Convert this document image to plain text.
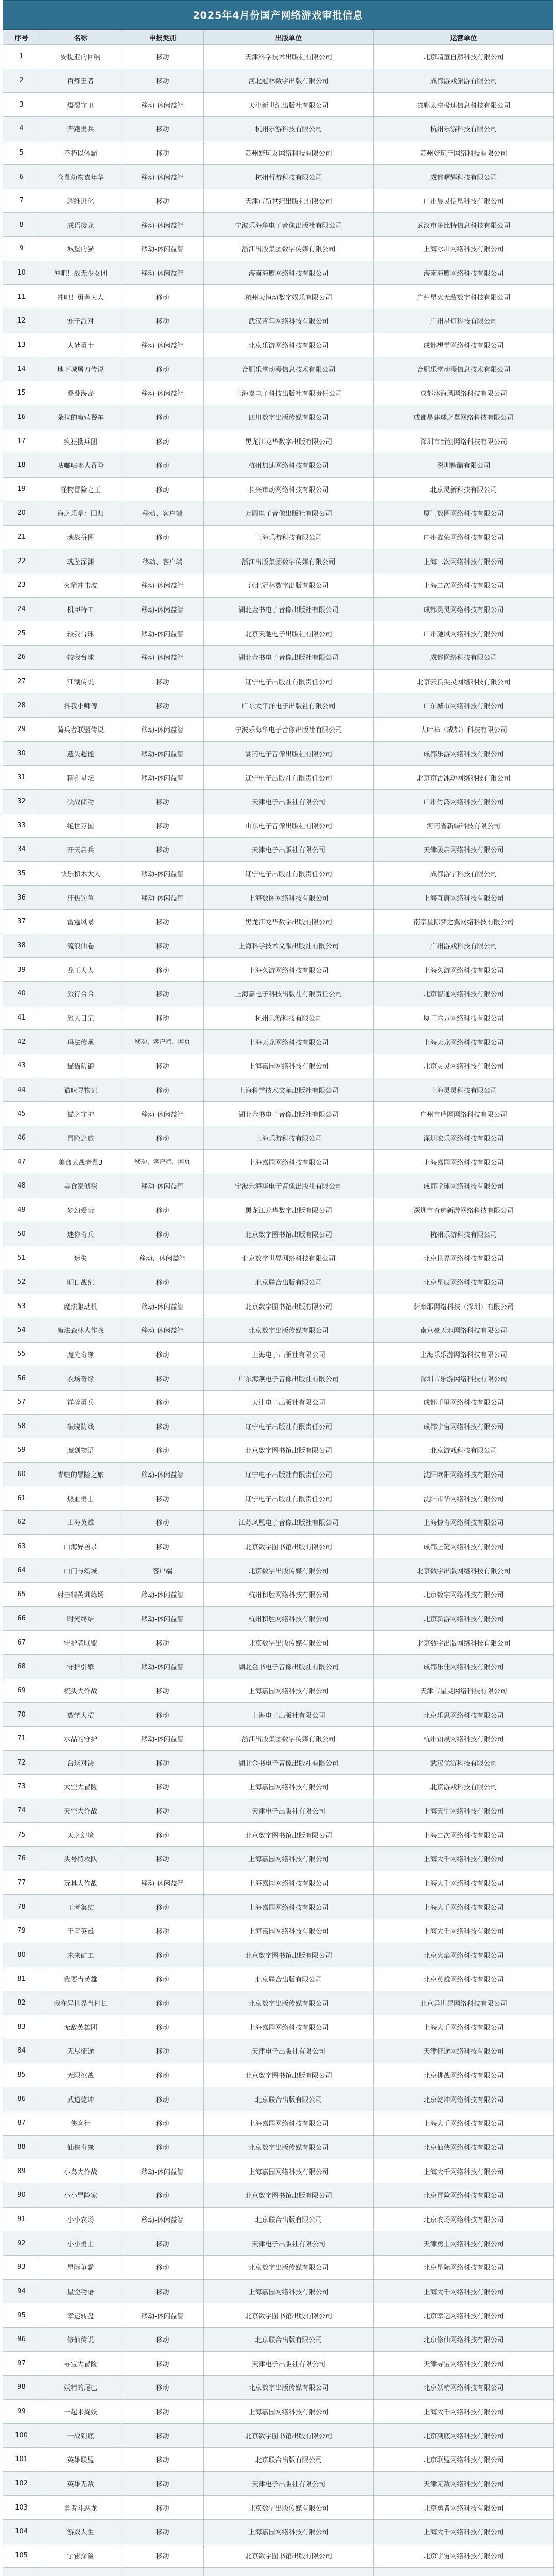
2025年4月份国产网络游戏审批信息
序号	名称	申报类别	出版单位	运营单位
1	安提亚的回响	移动	天津科学技术出版社有限公司	北京靖童自然科技有限公司
2	百炼王者	移动	河北冠林数字出版有限公司	成都游戏旅游有限公司
3	爆裂守卫	移动-休闲益智	天津新世纪出版社有限公司	邯郸太空极速信息科技有限公司
4	奔跑勇兵	移动	杭州乐游科技有限公司	杭州乐游科技有限公司
5	不朽以体霸	移动	苏州好玩友网络科技有限公司	苏州好玩王网络科技有限公司
6	仓鼠幼物嘉年华	移动-休闲益智	杭州哲游科技有限公司	成都曙辉科技有限公司
7	超维进化	移动	天津市新世纪出版社有限公司	广州晨灵信息科技有限公司
8	成语接龙	移动-休闲益智	宁波乐海华电子音像出版社有限公司	武汉市多比特信息科技有限公司
9	城堡的猫	移动-休闲益智	浙江出版集团数字传媒有限公司	上海冰川网络科技有限公司
10	冲吧！战无少女团	移动-休闲益智	海南海鹰网络科技有限公司	海南海鹰网络科技有限公司
11	冲吧！勇者大人	移动	杭州天恒动数字娱乐有限公司	广州星火无敌数字科技有限公司
12	宠子派对	移动	武汉青年网络科技有限公司	广州星灯科技有限公司
13	大梦勇士	移动-休闲益智	北京乐游网络科技有限公司	成都想学网络科技有限公司
14	地下城屠刀传说	移动	合肥乐堂动漫信息技术有限公司	合肥乐堂动漫信息技术有限公司
15	叠叠海岛	移动-休闲益智	上海嘉电子科技出版社有限责任公司	成都沐海风网络科技有限公司
16	朵拉的魔营餐车	移动	四川数字出版传媒有限公司	成都易建球之翼网络科技有限公司
17	疯狂携兵团	移动	黑龙江龙华数字出版有限公司	深圳市新创网络科技有限公司
18	咕嘟咕嘟大冒险	移动	杭州加速网络科技有限公司	深圳糖醋有限公司
19	怪物冒险之王	移动	长兴市动网络科技有限公司	北京灵新科技有限公司
20	海之乐章：回归	移动、客户端	万圆电子音像出版社有限公司	厦门数图网络科技有限公司
21	魂战拼图	移动	上海乐游科技有限公司	广州鑫荣网络科技有限公司
22	魂坠深渊	移动、客户端	浙江出版集团数字传媒有限公司	上海二次网络科技有限公司
23	火箭冲击波	移动-休闲益智	河北冠林数字出版有限公司	上海二次网络科技有限公司
24	机甲特工	移动-休闲益智	湖北金书电子音像出版社有限公司	成都灵灵网络科技有限公司
25	较我台球	移动-休闲益智	北京天驰电子出版社有限公司	广州驰风网络科技有限公司
26	较我台球	移动-休闲益智	湖北金书电子音像出版社有限公司	成都网络科技有限公司
27	江湖传说	移动	辽宁电子出版社有限责任公司	北京云良尖灵网络科技有限公司
28	抖我小师傅	移动	广东太平洋电子出版社有限公司	广东城市网络科技有限公司
29	骑兵者联盟传说	移动-休闲益智	宁波乐海华电子音像出版社有限公司	大叶樟（成都）科技有限公司
30	遗失超能	移动-休闲益智	湖南电子音像出版社有限公司	成都乐游网络科技有限公司
31	精孔星坛	移动-休闲益智	辽宁电子出版社有限责任公司	北京京古冰动网络科技有限公司
32	决战储物	移动	天津电子出版社有限公司	广州竹鸿网络科技有限公司
33	绝世万国	移动	山东电子音像出版社有限公司	河南省新蝶科技有限公司
34	开天启兵	移动	天津电子出版社有限公司	天津骏启网络科技有限公司
35	快乐积木大人	移动-休闲益智	辽宁电子出版社有限责任公司	成都游宇科技有限公司
36	狂热钓鱼	移动-休闲益智	上海数图网络科技有限公司	上海互唐网络科技有限公司
37	雷霆风暴	移动	黑龙江龙华数字出版有限公司	南京星际梦之翼网络科技有限公司
38	流浪仙卷	移动	上海科学技术文献出版社有限公司	广州游戏科技有限公司
39	龙王大人	移动	上海久游网络科技有限公司	上海久游网络科技有限公司
40	旅行合合	移动	上海嘉电子科技出版社有限责任公司	北京智通网络科技有限公司
41	旅人日记	移动	杭州乐游科技有限公司	厦门六方网络科技有限公司
42	玛法传承	移动、客户端、网页	上海天龙网络科技有限公司	上海天龙网络科技有限公司
43	猫猫防御	移动	上海嘉园网络科技有限公司	北京灵灵网络科技有限公司
44	猫咪寻物记	移动	上海科学技术文献出版社有限公司	上海灵灵科技有限公司
45	猫之守护	移动-休闲益智	湖北金书电子音像出版社有限公司	广州市瑞网网络科技有限公司
46	冒险之旅	移动	上海乐游科技有限公司	深圳宏乐网络科技有限公司
47	美食大战老鼠3	移动、客户端、网页	上海嘉园网络科技有限公司	上海嘉园网络科技有限公司
48	美食家侦探	移动-休闲益智	宁波乐海华电子音像出版社有限公司	成都学球网络科技有限公司
49	梦幻爱玩	移动	黑龙江龙华数字出版有限公司	深圳市奇迹新游网络科技有限公司
50	迷你奇兵	移动	北京数字图书馆出版有限公司	杭州乐游科技有限公司
51	迷失	移动、休闲益智	北京数字世界网络科技有限公司	北京世界网络科技有限公司
52	明日战纪	移动	北京联合出版有限公司	北京星辰网络科技有限公司
53	魔法驱动机	移动-休闲益智	北京数字图书馆出版有限公司	萨摩耶网络科技（深圳）有限公司
54	魔法森林大作战	移动-休闲益智	北京数字出版传媒有限公司	南京豪天地网络科技有限公司
55	魔光奇缘	移动	上海电子出版社有限公司	上海乐乐游网络科技有限公司
56	农场奇缘	移动	广东海燕电子音像出版社有限公司	深圳市乐游网络科技有限公司
57	祥碎勇兵	移动	天津电子出版社有限公司	成都千里网络科技有限公司
58	破晓防线	移动	辽宁电子出版社有限责任公司	成都宇宙网络科技有限公司
59	魔剑物语	移动	北京数字图书馆出版有限公司	北京游戏科技有限公司
60	青蛙的冒险之旅	移动-休闲益智	辽宁电子出版社有限责任公司	沈阳欧阳网络科技有限公司
61	热血勇士	移动	辽宁电子出版社有限责任公司	沈阳市华网络科技有限公司
62	山海英雄	移动	江苏凤凰电子音像出版社有限公司	上海惊奇网络科技有限公司
63	山海异兽录	移动	北京数字图书馆出版有限公司	成都上镜网络科技有限公司
64	山门与幻城	客户端	北京数字出版传媒有限公司	北京数字出版网络科技有限公司
65	射击精英训练场	移动-休闲益智	杭州积胜网络科技有限公司	北京数字网络科技有限公司
66	时光终结	移动-休闲益智	杭州积胜网络科技有限公司	北京新游网络科技有限公司
67	守护者联盟	移动	北京数字出版传媒有限公司	北京数字出版网络科技有限公司
68	守护引擎	移动-休闲益智	湖北金书电子音像出版社有限公司	成都乐佳网络科技有限公司
69	梳头大作战	移动	上海嘉园网络科技有限公司	天津市星灵网络科技有限公司
70	数学大招	移动	上海电子出版社有限公司	北京乐思网络科技有限公司
71	水晶的守护	移动-休闲益智	浙江出版集团数字传媒有限公司	杭州铂晟网络科技有限公司
72	台球对决	移动	湖北金书电子音像出版社有限公司	武汉优游科技有限公司
73	太空大冒险	移动	上海嘉园网络科技有限公司	北京游戏科技有限公司
74	天空大作战	移动	天津电子出版社有限公司	上海天空网络科技有限公司
75	天之幻境	移动	北京数字图书馆出版有限公司	上海二次网络科技有限公司
76	头号特攻队	移动	上海嘉园网络科技有限公司	上海大千网络科技有限公司
77	玩具大作战	移动-休闲益智	上海嘉园网络科技有限公司	上海大千网络科技有限公司
78	王者集结	移动	上海嘉园网络科技有限公司	上海大千网络科技有限公司
79	王者英雄	移动	上海嘉园网络科技有限公司	上海大千网络科技有限公司
80	未来矿工	移动	北京数字图书馆出版有限公司	北京火焰网络科技有限公司
81	我要当英雄	移动	北京联合出版有限公司	北京英雄网络科技有限公司
82	我在异世界当村长	移动	北京数字出版传媒有限公司	北京异世界网络科技有限公司
83	无敌英雄团	移动	上海嘉园网络科技有限公司	上海大千网络科技有限公司
84	无尽征途	移动	天津电子出版社有限公司	天津征途网络科技有限公司
85	无限挑战	移动	北京数字图书馆出版有限公司	北京挑战网络科技有限公司
86	武道乾坤	移动	北京联合出版有限公司	北京乾坤网络科技有限公司
87	侠客行	移动	上海嘉园网络科技有限公司	上海大千网络科技有限公司
88	仙侠奇缘	移动	北京数字出版传媒有限公司	北京仙侠网络科技有限公司
89	小鸟大作战	移动-休闲益智	上海嘉园网络科技有限公司	上海大千网络科技有限公司
90	小小冒险家	移动	北京数字图书馆出版有限公司	北京冒险网络科技有限公司
91	小小农场	移动-休闲益智	北京联合出版有限公司	北京农场网络科技有限公司
92	小小勇士	移动	天津电子出版社有限公司	天津勇士网络科技有限公司
93	星际争霸	移动	北京数字出版传媒有限公司	北京星际网络科技有限公司
94	星空物语	移动	上海嘉园网络科技有限公司	上海大千网络科技有限公司
95	幸运转盘	移动-休闲益智	北京数字图书馆出版有限公司	北京幸运网络科技有限公司
96	修仙传说	移动	北京联合出版有限公司	北京修仙网络科技有限公司
97	寻宝大冒险	移动	天津电子出版社有限公司	天津寻宝网络科技有限公司
98	妖精的尾巴	移动	北京数字出版传媒有限公司	北京妖精网络科技有限公司
99	一起来捉妖	移动	上海嘉园网络科技有限公司	上海大千网络科技有限公司
100	一战到底	移动	北京数字图书馆出版有限公司	北京到底网络科技有限公司
101	英雄联盟	移动	北京联合出版有限公司	北京联盟网络科技有限公司
102	英雄无敌	移动	天津电子出版社有限公司	天津无敌网络科技有限公司
103	勇者斗恶龙	移动	北京数字出版传媒有限公司	北京勇者网络科技有限公司
104	游戏人生	移动	上海嘉园网络科技有限公司	上海大千网络科技有限公司
105	宇宙探险	移动	北京数字图书馆出版有限公司	北京宇宙网络科技有限公司
